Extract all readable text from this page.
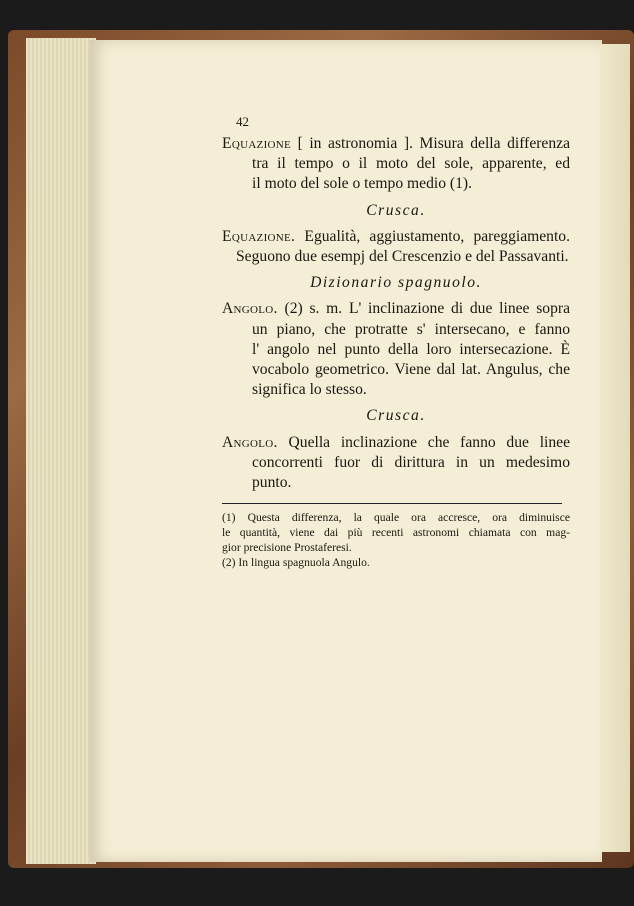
42
Equazione [ in astronomia ]. Misura della differenza
tra il tempo o il moto del sole, apparente, ed
il moto del sole o tempo medio (1).
Crusca.
Equazione. Egualità, aggiustamento, pareggiamento.
Seguono due esempj del Crescenzio e del Passavanti.
Dizionario spagnuolo.
Angolo. (2) s. m. L' inclinazione di due linee sopra
un piano, che protratte s' intersecano, e fanno
l' angolo nel punto della loro intersecazione. È
vocabolo geometrico. Viene dal lat. Angulus, che
significa lo stesso.
Crusca.
Angolo. Quella inclinazione che fanno due linee
concorrenti fuor di dirittura in un medesimo
punto.
(1) Questa differenza, la quale ora accresce, ora diminuisce
le quantità, viene dai più recenti astronomi chiamata con mag-
gior precisione Prostaferesi.
(2) In lingua spagnuola Angulo.
